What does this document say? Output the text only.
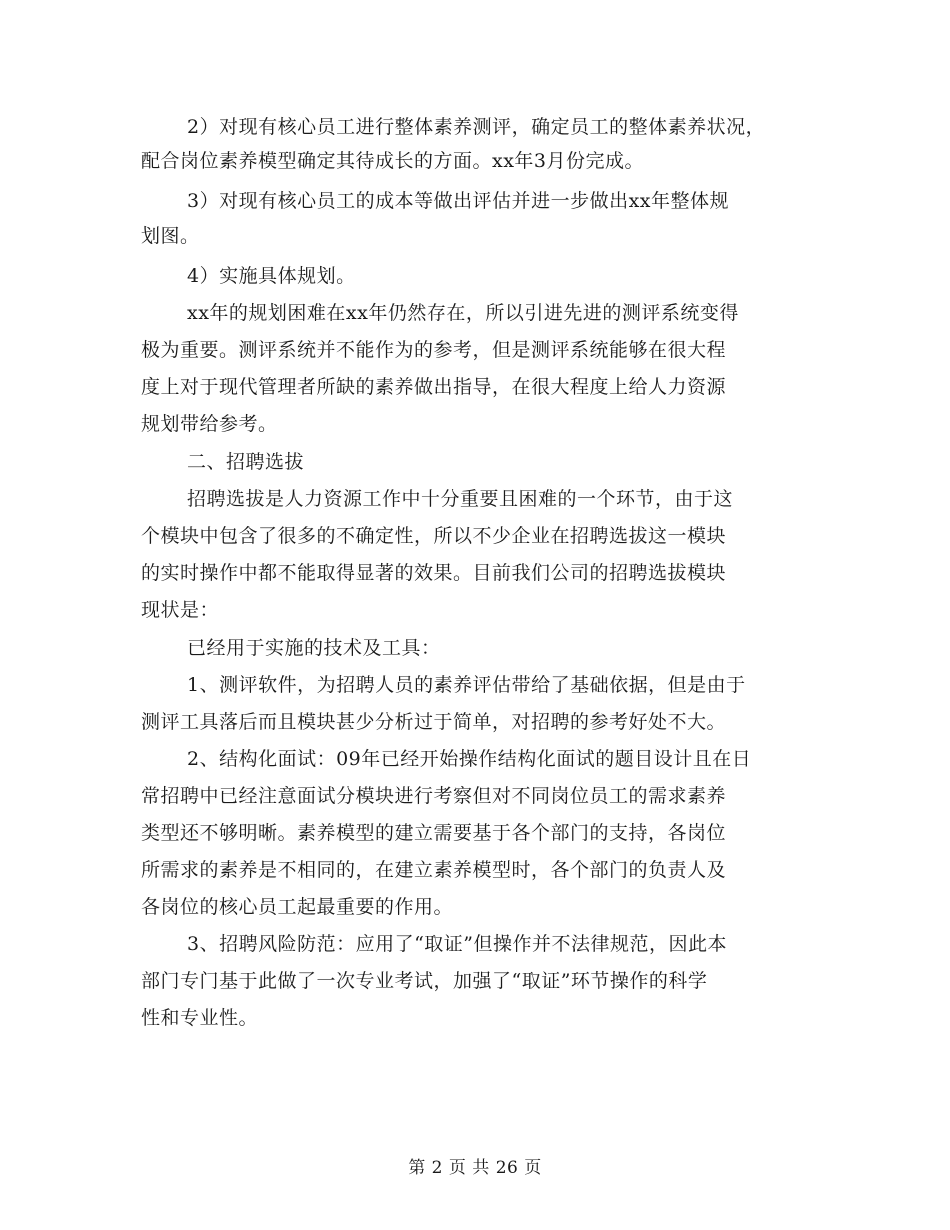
2）对现有核心员工进行整体素养测评，确定员工的整体素养状况，
配合岗位素养模型确定其待成长的方面。xx年3月份完成。
3）对现有核心员工的成本等做出评估并进一步做出xx年整体规
划图。
4）实施具体规划。
xx年的规划困难在xx年仍然存在，所以引进先进的测评系统变得
极为重要。测评系统并不能作为的参考，但是测评系统能够在很大程
度上对于现代管理者所缺的素养做出指导，在很大程度上给人力资源
规划带给参考。
二、招聘选拔
招聘选拔是人力资源工作中十分重要且困难的一个环节，由于这
个模块中包含了很多的不确定性，所以不少企业在招聘选拔这一模块
的实时操作中都不能取得显著的效果。目前我们公司的招聘选拔模块
现状是：
已经用于实施的技术及工具：
1、测评软件，为招聘人员的素养评估带给了基础依据，但是由于
测评工具落后而且模块甚少分析过于简单，对招聘的参考好处不大。
2、结构化面试：09年已经开始操作结构化面试的题目设计且在日
常招聘中已经注意面试分模块进行考察但对不同岗位员工的需求素养
类型还不够明晰。素养模型的建立需要基于各个部门的支持，各岗位
所需求的素养是不相同的，在建立素养模型时，各个部门的负责人及
各岗位的核心员工起最重要的作用。
3、招聘风险防范：应用了“取证”但操作并不法律规范，因此本
部门专门基于此做了一次专业考试，加强了“取证”环节操作的科学
性和专业性。
第 2 页 共 26 页
